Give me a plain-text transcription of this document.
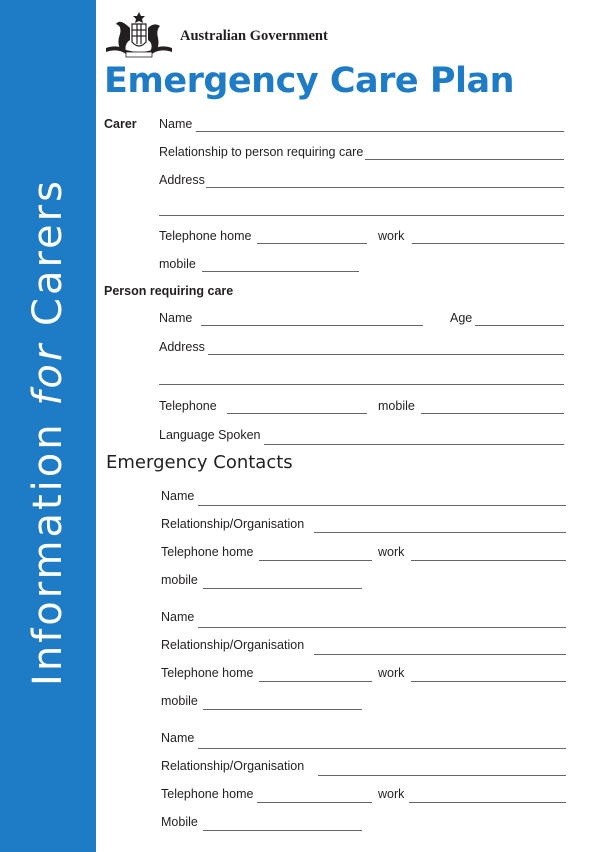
Information for Carers
Australian Government
Emergency Care Plan
Carer Name
Relationship to person requiring care
Address
Telephone home	work
mobile
Person requiring care
Name	Age
Address
Telephone	mobile
Language Spoken
Emergency Contacts
Name
Relationship/Organisation
Telephone home	work
mobile
Name
Relationship/Organisation
Telephone home	work
mobile
Name
Relationship/Organisation
Telephone home	work
Mobile
